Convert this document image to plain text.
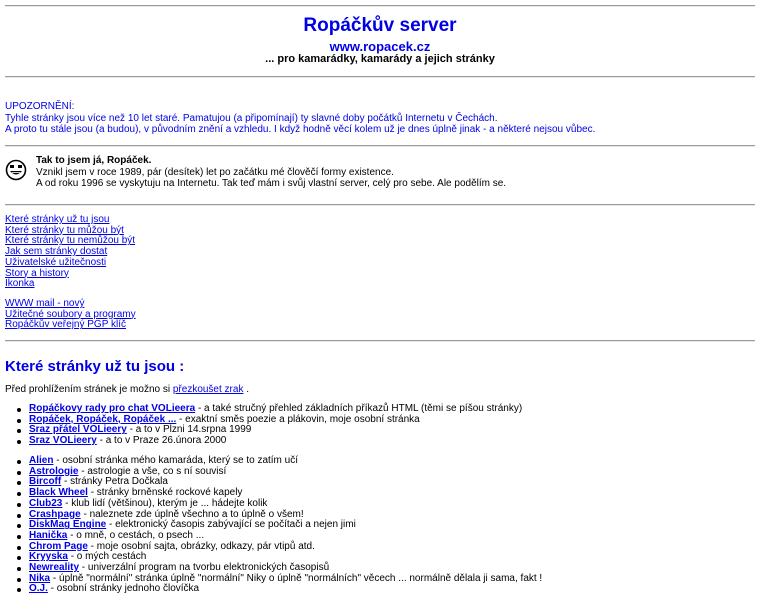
Ropáčkův server
www.ropacek.cz
... pro kamarádky, kamarády a jejich stránky
UPOZORNĚNÍ:
Tyhle stránky jsou více než 10 let staré. Pamatujou (a připomínají) ty slavné doby počátků Internetu v Čechách.
A proto tu stále jsou (a budou), v původním znění a vzhledu. I když hodně věcí kolem už je dnes úplně jinak - a některé nejsou vůbec.
Tak to jsem já, Ropáček.
Vznikl jsem v roce 1989, pár (desítek) let po začátku mé člověčí formy existence.
A od roku 1996 se vyskytuju na Internetu. Tak teď mám i svůj vlastní server, celý pro sebe. Ale podělím se.
Které stránky už tu jsou
Které stránky tu můžou být
Které stránky tu nemůžou být
Jak sem stránky dostat
Uživatelské užitečnosti
Story a history
Ikonka
WWW mail - nový
Užitečné soubory a programy
Ropáčkův veřejný PGP klíč
Které stránky už tu jsou :
Před prohlížením stránek je možno si přezkoušet zrak .
Ropáčkovy rady pro chat VOLieera - a také stručný přehled základních příkazů HTML (těmi se píšou stránky)
Ropáček, Ropáček, Ropáček ... - exaktní směs poezie a plákovin, moje osobní stránka
Sraz přátel VOLieery - a to v Plzni 14.srpna 1999
Sraz VOLieery - a to v Praze 26.února 2000
Alien - osobní stránka mého kamaráda, který se to zatím učí
Astrologie - astrologie a vše, co s ní souvisí
Bircoff - stránky Petra Dočkala
Black Wheel - stránky brněnské rockové kapely
Club23 - klub lidí (většinou), kterým je ... hádejte kolik
Crashpage - naleznete zde úplně všechno a to úplně o všem!
DiskMag Engine - elektronický časopis zabývající se počítači a nejen jimi
Hanička - o mně, o cestách, o psech ...
Chrom Page - moje osobní sajta, obrázky, odkazy, pár vtipů atd.
Kryyska - o mých cestách
Newreality - univerzální program na tvorbu elektronických časopisů
Nika - úplně "normální" stránka úplně "normální" Niky o úplně "normálních" věcech ... normálně dělala ji sama, fakt !
O.J. - osobní stránky jednoho človíčka
